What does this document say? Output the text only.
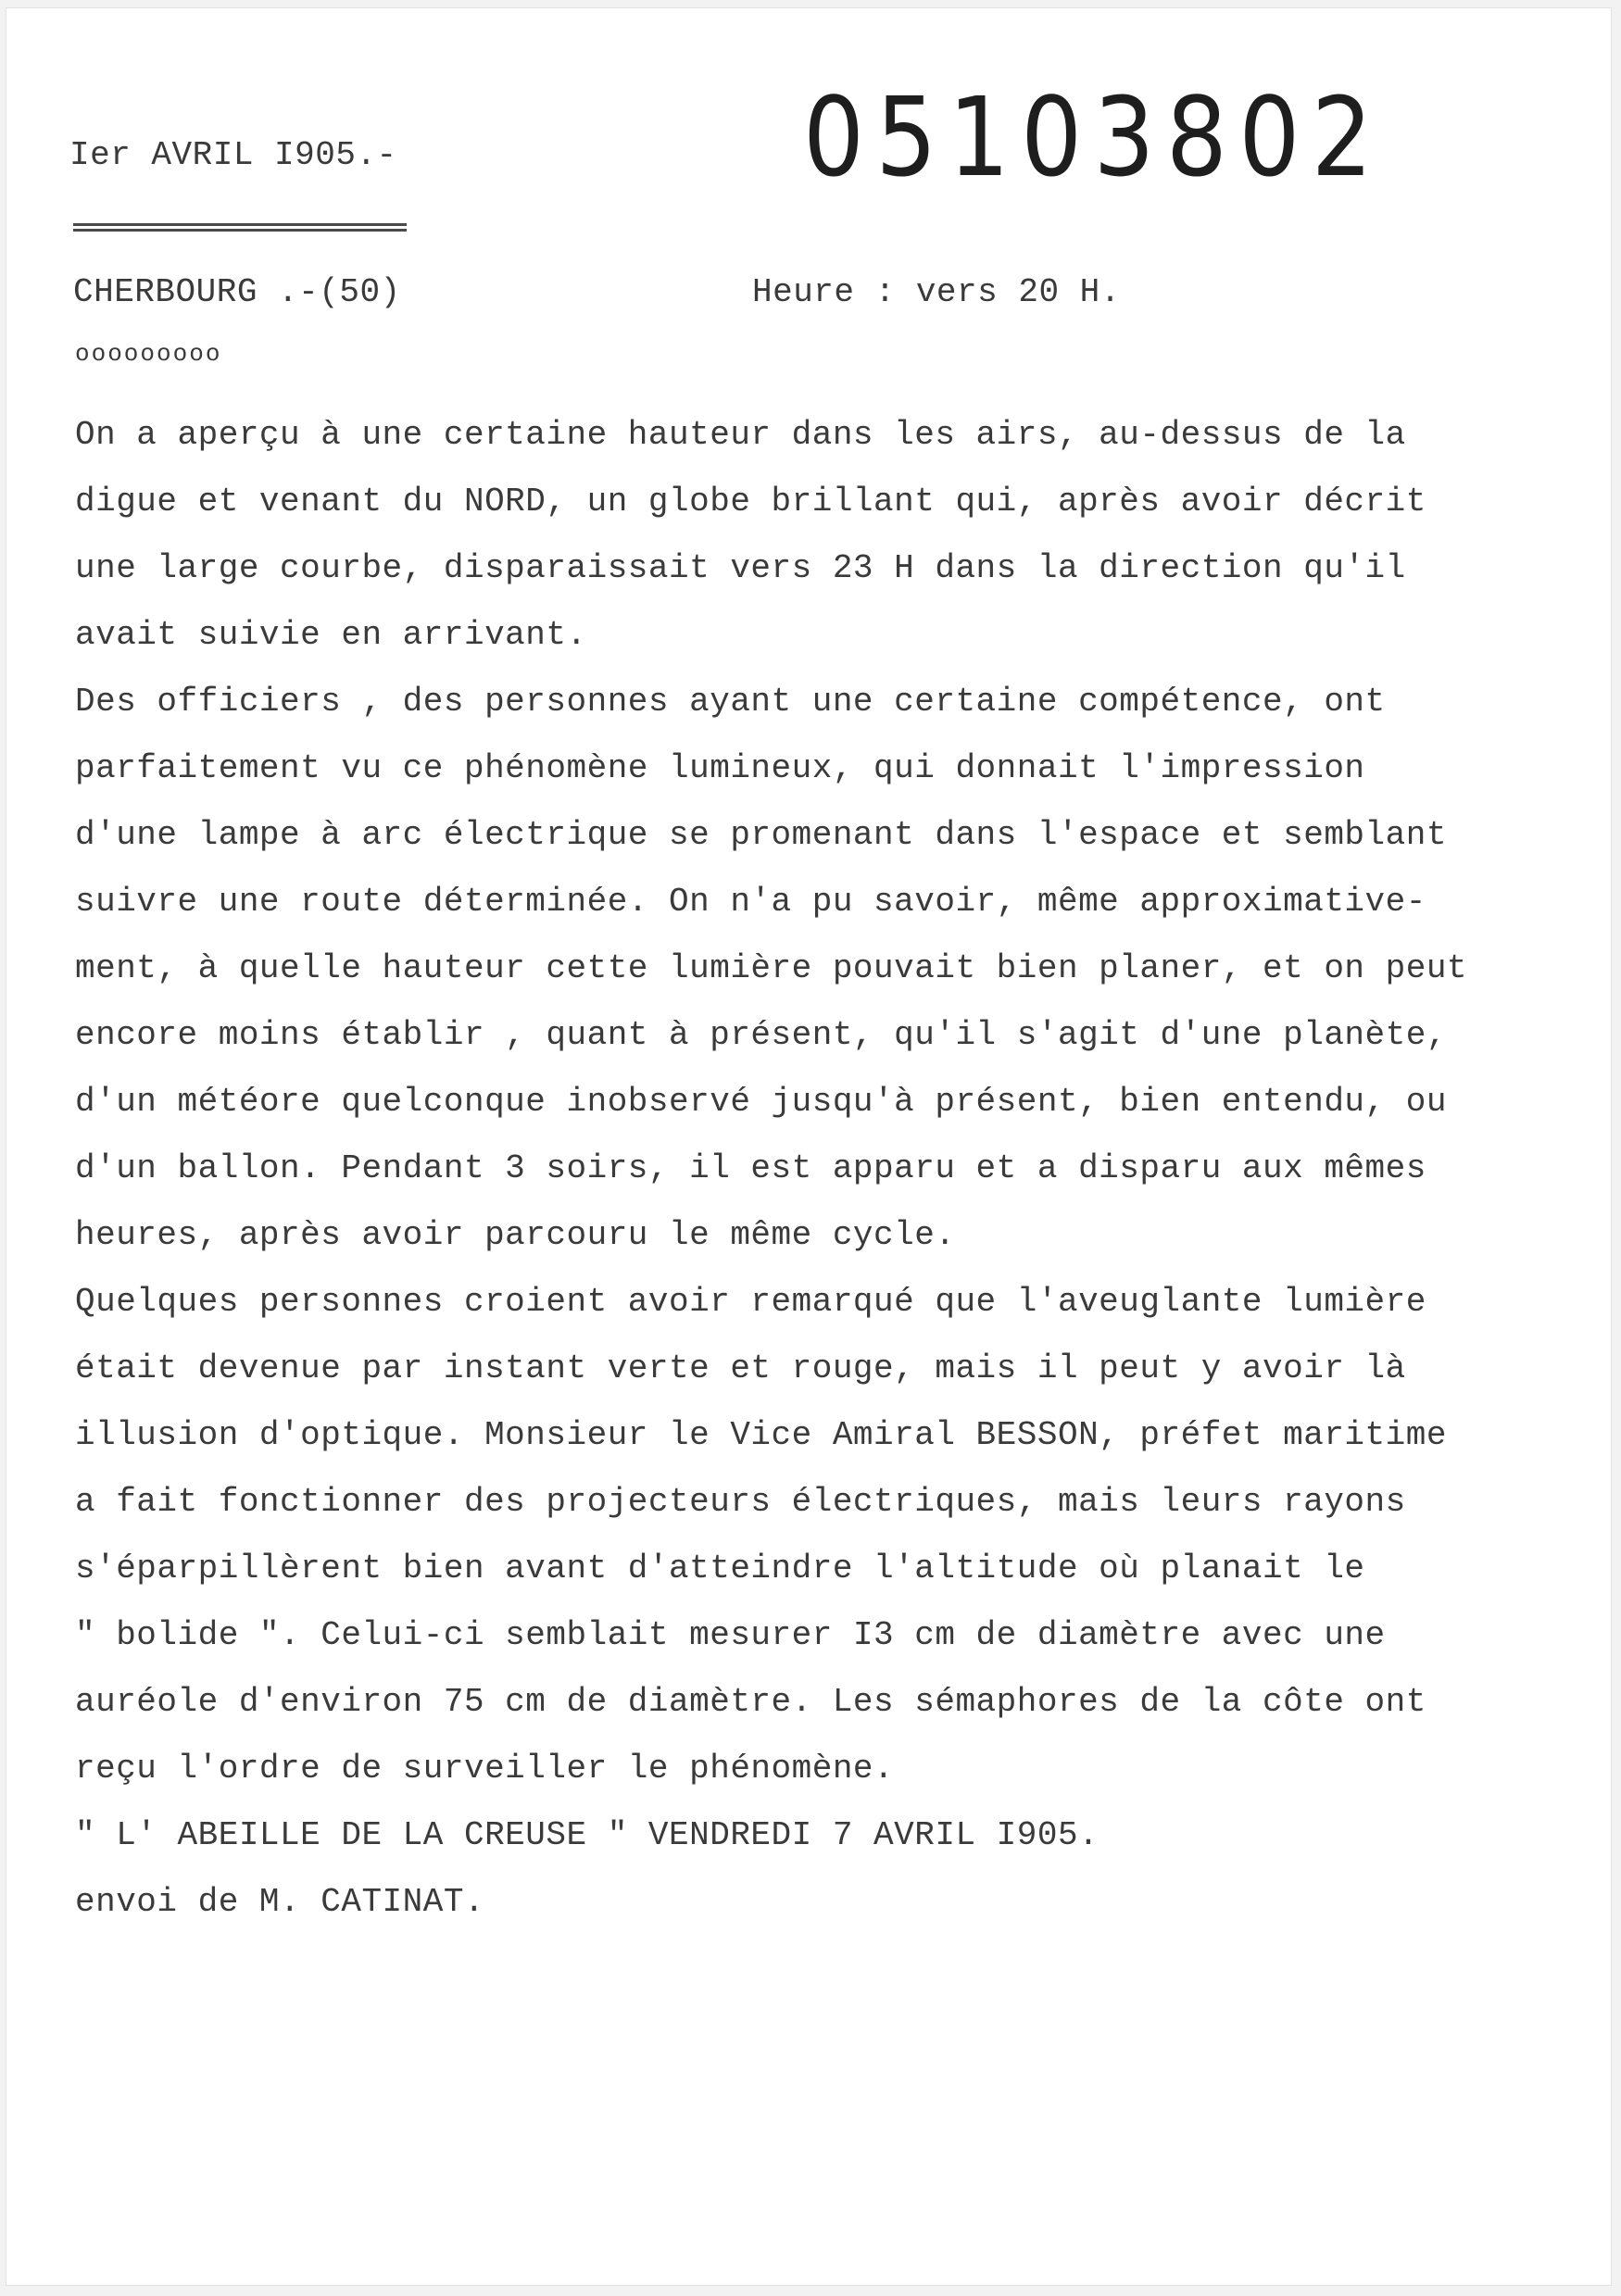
Ier AVRIL I905.-	05103802
CHERBOURG .-(50)	Heure : vers 20 H.
ooooooooo
On a aperçu à une certaine hauteur dans les airs, au-dessus de la
digue et venant du NORD, un globe brillant qui, après avoir décrit
une large courbe, disparaissait vers 23 H dans la direction qu'il
avait suivie en arrivant.
Des officiers , des personnes ayant une certaine compétence, ont
parfaitement vu ce phénomène lumineux, qui donnait l'impression
d'une lampe à arc électrique se promenant dans l'espace et semblant
suivre une route déterminée. On n'a pu savoir, même approximative-
ment, à quelle hauteur cette lumière pouvait bien planer, et on peut
encore moins établir , quant à présent, qu'il s'agit d'une planète,
d'un météore quelconque inobservé jusqu'à présent, bien entendu, ou
d'un ballon. Pendant 3 soirs, il est apparu et a disparu aux mêmes
heures, après avoir parcouru le même cycle.
Quelques personnes croient avoir remarqué que l'aveuglante lumière
était devenue par instant verte et rouge, mais il peut y avoir là
illusion d'optique. Monsieur le Vice Amiral BESSON, préfet maritime
a fait fonctionner des projecteurs électriques, mais leurs rayons
s'éparpillèrent bien avant d'atteindre l'altitude où planait le
" bolide ". Celui-ci semblait mesurer I3 cm de diamètre avec une
auréole d'environ 75 cm de diamètre. Les sémaphores de la côte ont
reçu l'ordre de surveiller le phénomène.
" L' ABEILLE DE LA CREUSE " VENDREDI 7 AVRIL I905.
envoi de M. CATINAT.
